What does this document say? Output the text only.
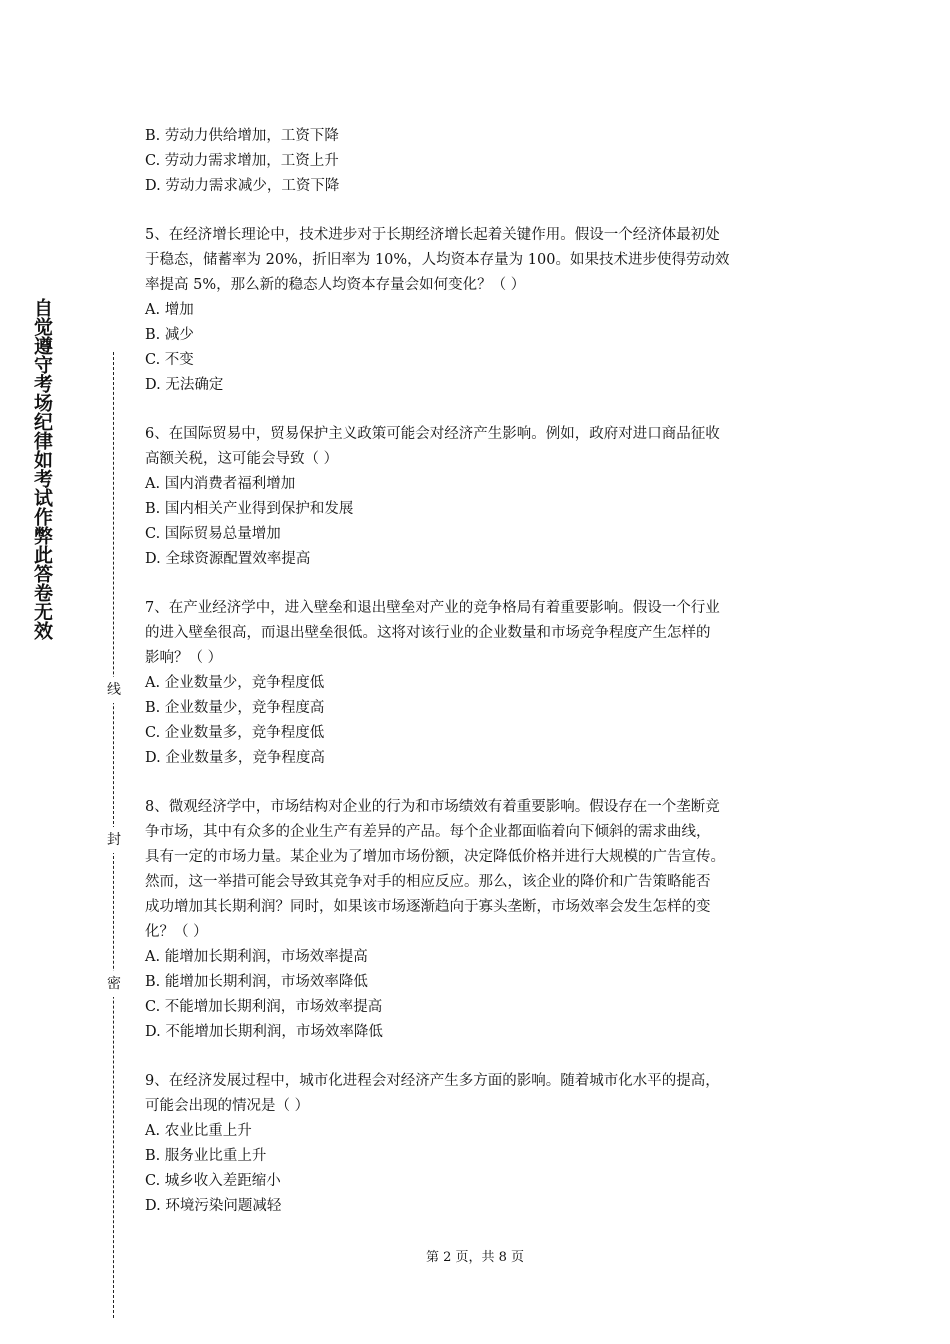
自觉遵守考场纪律如考试作弊此答卷无效
线
封
密
B. 劳动力供给增加，工资下降
C. 劳动力需求增加，工资上升
D. 劳动力需求减少，工资下降
5、在经济增长理论中，技术进步对于长期经济增长起着关键作用。假设一个经济体最初处
于稳态，储蓄率为 20%，折旧率为 10%，人均资本存量为 100。如果技术进步使得劳动效
率提高 5%，那么新的稳态人均资本存量会如何变化？（ ）
A. 增加
B. 减少
C. 不变
D. 无法确定
6、在国际贸易中，贸易保护主义政策可能会对经济产生影响。例如，政府对进口商品征收
高额关税，这可能会导致（ ）
A. 国内消费者福利增加
B. 国内相关产业得到保护和发展
C. 国际贸易总量增加
D. 全球资源配置效率提高
7、在产业经济学中，进入壁垒和退出壁垒对产业的竞争格局有着重要影响。假设一个行业
的进入壁垒很高，而退出壁垒很低。这将对该行业的企业数量和市场竞争程度产生怎样的
影响？（ ）
A. 企业数量少，竞争程度低
B. 企业数量少，竞争程度高
C. 企业数量多，竞争程度低
D. 企业数量多，竞争程度高
8、微观经济学中，市场结构对企业的行为和市场绩效有着重要影响。假设存在一个垄断竞
争市场，其中有众多的企业生产有差异的产品。每个企业都面临着向下倾斜的需求曲线，
具有一定的市场力量。某企业为了增加市场份额，决定降低价格并进行大规模的广告宣传。
然而，这一举措可能会导致其竞争对手的相应反应。那么，该企业的降价和广告策略能否
成功增加其长期利润？同时，如果该市场逐渐趋向于寡头垄断，市场效率会发生怎样的变
化？（ ）
A. 能增加长期利润，市场效率提高
B. 能增加长期利润，市场效率降低
C. 不能增加长期利润，市场效率提高
D. 不能增加长期利润，市场效率降低
9、在经济发展过程中，城市化进程会对经济产生多方面的影响。随着城市化水平的提高，
可能会出现的情况是（ ）
A. 农业比重上升
B. 服务业比重上升
C. 城乡收入差距缩小
D. 环境污染问题减轻
第 2 页，共 8 页
